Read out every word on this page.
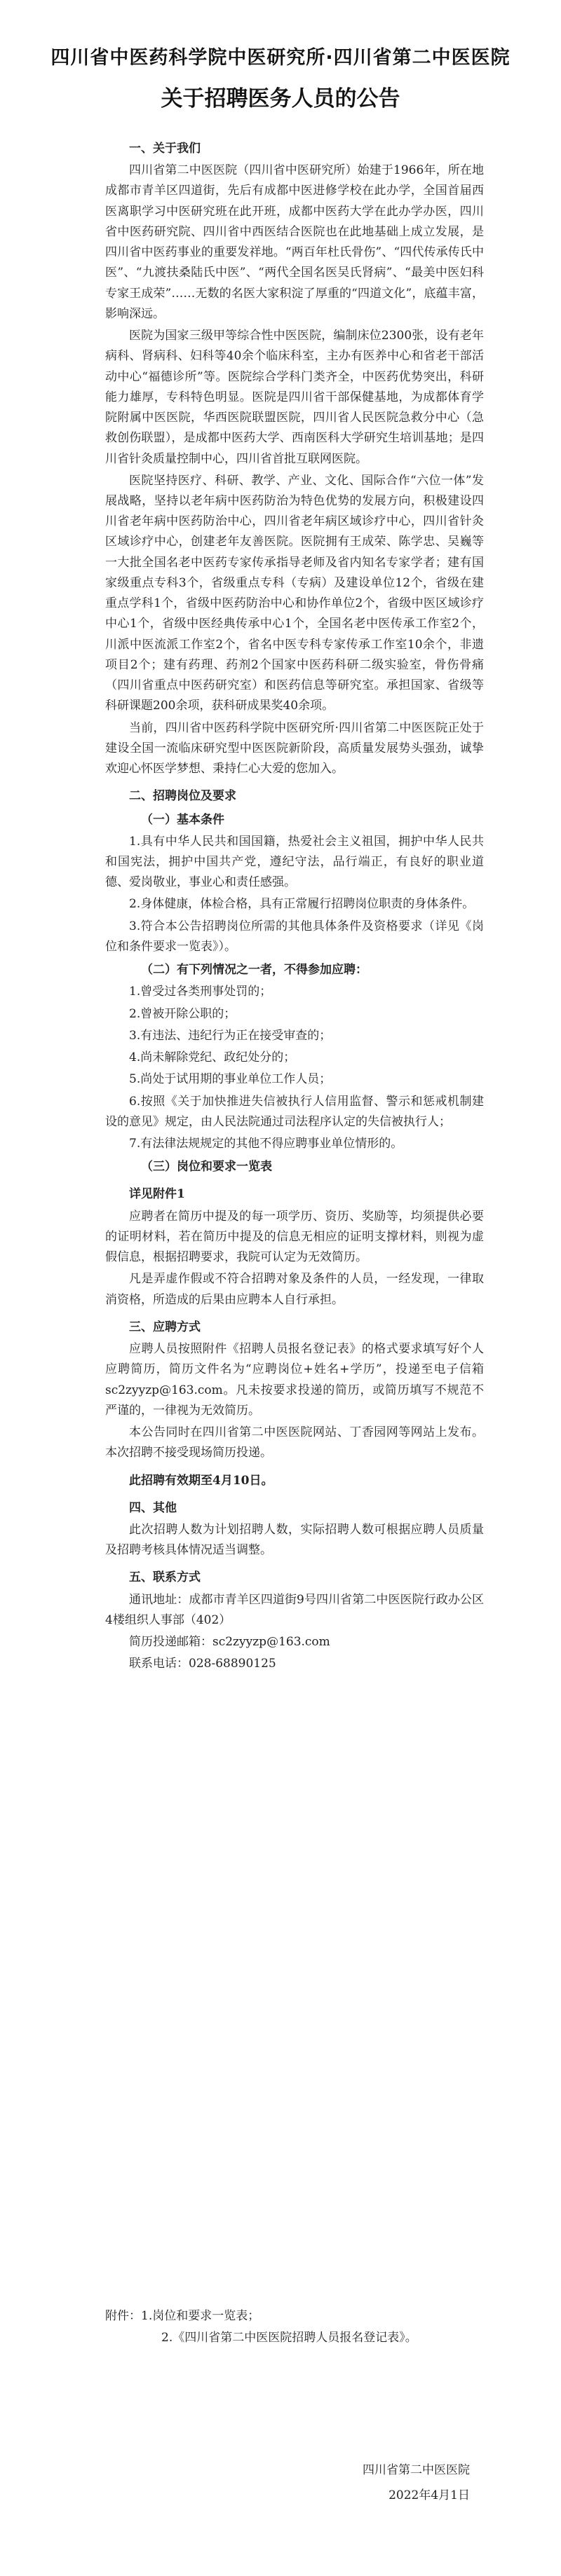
四川省中医药科学院中医研究所·四川省第二中医医院
关于招聘医务人员的公告
一、关于我们

四川省第二中医医院（四川省中医研究所）始建于1966年，所在地成都市青羊区四道街，先后有成都中医进修学校在此办学，全国首届西医离职学习中医研究班在此开班，成都中医药大学在此办学办医，四川省中医药研究院、四川省中西医结合医院也在此地基础上成立发展，是四川省中医药事业的重要发祥地。“两百年杜氏骨伤”、“四代传承传氏中医”、“九渡扶桑陆氏中医”、“两代全国名医吴氏肾病”、“最美中医妇科专家王成荣”……无数的名医大家积淀了厚重的“四道文化”，底蕴丰富，影响深远。

医院为国家三级甲等综合性中医医院，编制床位2300张，设有老年病科、肾病科、妇科等40余个临床科室，主办有医养中心和省老干部活动中心“福德诊所”等。医院综合学科门类齐全，中医药优势突出，科研能力雄厚，专科特色明显。医院是四川省干部保健基地，为成都体育学院附属中医医院，华西医院联盟医院，四川省人民医院急救分中心（急救创伤联盟），是成都中医药大学、西南医科大学研究生培训基地；是四川省针灸质量控制中心，四川省首批互联网医院。

医院坚持医疗、科研、教学、产业、文化、国际合作“六位一体”发展战略，坚持以老年病中医药防治为特色优势的发展方向，积极建设四川省老年病中医药防治中心，四川省老年病区域诊疗中心，四川省针灸区域诊疗中心，创建老年友善医院。医院拥有王成荣、陈学忠、吴巍等一大批全国名老中医药专家传承指导老师及省内知名专家学者；建有国家级重点专科3个，省级重点专科（专病）及建设单位12个，省级在建重点学科1个，省级中医药防治中心和协作单位2个，省级中医区域诊疗中心1个，省级中医经典传承中心1个，全国名老中医传承工作室2个，川派中医流派工作室2个，省名中医专科专家传承工作室10余个，非遗项目2个；建有药理、药剂2个国家中医药科研二级实验室，骨伤骨痛（四川省重点中医药研究室）和医药信息等研究室。承担国家、省级等科研课题200余项，获科研成果奖40余项。

当前，四川省中医药科学院中医研究所·四川省第二中医医院正处于建设全国一流临床研究型中医医院新阶段，高质量发展势头强劲，诚挚欢迎心怀医学梦想、秉持仁心大爱的您加入。

二、招聘岗位及要求
（一）基本条件

1.具有中华人民共和国国籍，热爱社会主义祖国，拥护中华人民共和国宪法，拥护中国共产党，遵纪守法，品行端正，有良好的职业道德、爱岗敬业，事业心和责任感强。

2.身体健康，体检合格，具有正常履行招聘岗位职责的身体条件。

3.符合本公告招聘岗位所需的其他具体条件及资格要求（详见《岗位和条件要求一览表》）。

（二）有下列情况之一者，不得参加应聘：

1.曾受过各类刑事处罚的；

2.曾被开除公职的；

3.有违法、违纪行为正在接受审查的；

4.尚未解除党纪、政纪处分的；

5.尚处于试用期的事业单位工作人员；

6.按照《关于加快推进失信被执行人信用监督、警示和惩戒机制建设的意见》规定，由人民法院通过司法程序认定的失信被执行人；

7.有法律法规规定的其他不得应聘事业单位情形的。

（三）岗位和要求一览表
详见附件1

应聘者在简历中提及的每一项学历、资历、奖励等，均须提供必要的证明材料，若在简历中提及的信息无相应的证明支撑材料，则视为虚假信息，根据招聘要求，我院可认定为无效简历。

凡是弄虚作假或不符合招聘对象及条件的人员，一经发现，一律取消资格，所造成的后果由应聘本人自行承担。

三、应聘方式

应聘人员按照附件《招聘人员报名登记表》的格式要求填写好个人应聘简历，简历文件名为“应聘岗位+姓名+学历”，投递至电子信箱 sc2zyyzp@163.com。凡未按要求投递的简历，或简历填写不规范不严谨的，一律视为无效简历。

本公告同时在四川省第二中医医院网站、丁香园网等网站上发布。本次招聘不接受现场简历投递。

此招聘有效期至4月10日。
四、其他

此次招聘人数为计划招聘人数，实际招聘人数可根据应聘人员质量及招聘考核具体情况适当调整。

五、联系方式

通讯地址：成都市青羊区四道街9号四川省第二中医医院行政办公区4楼组织人事部（402）

简历投递邮箱：sc2zyyzp@163.com

联系电话：028-68890125

附件：1.岗位和要求一览表；
2.《四川省第二中医医院招聘人员报名登记表》。
四川省第二中医医院
2022年4月1日
